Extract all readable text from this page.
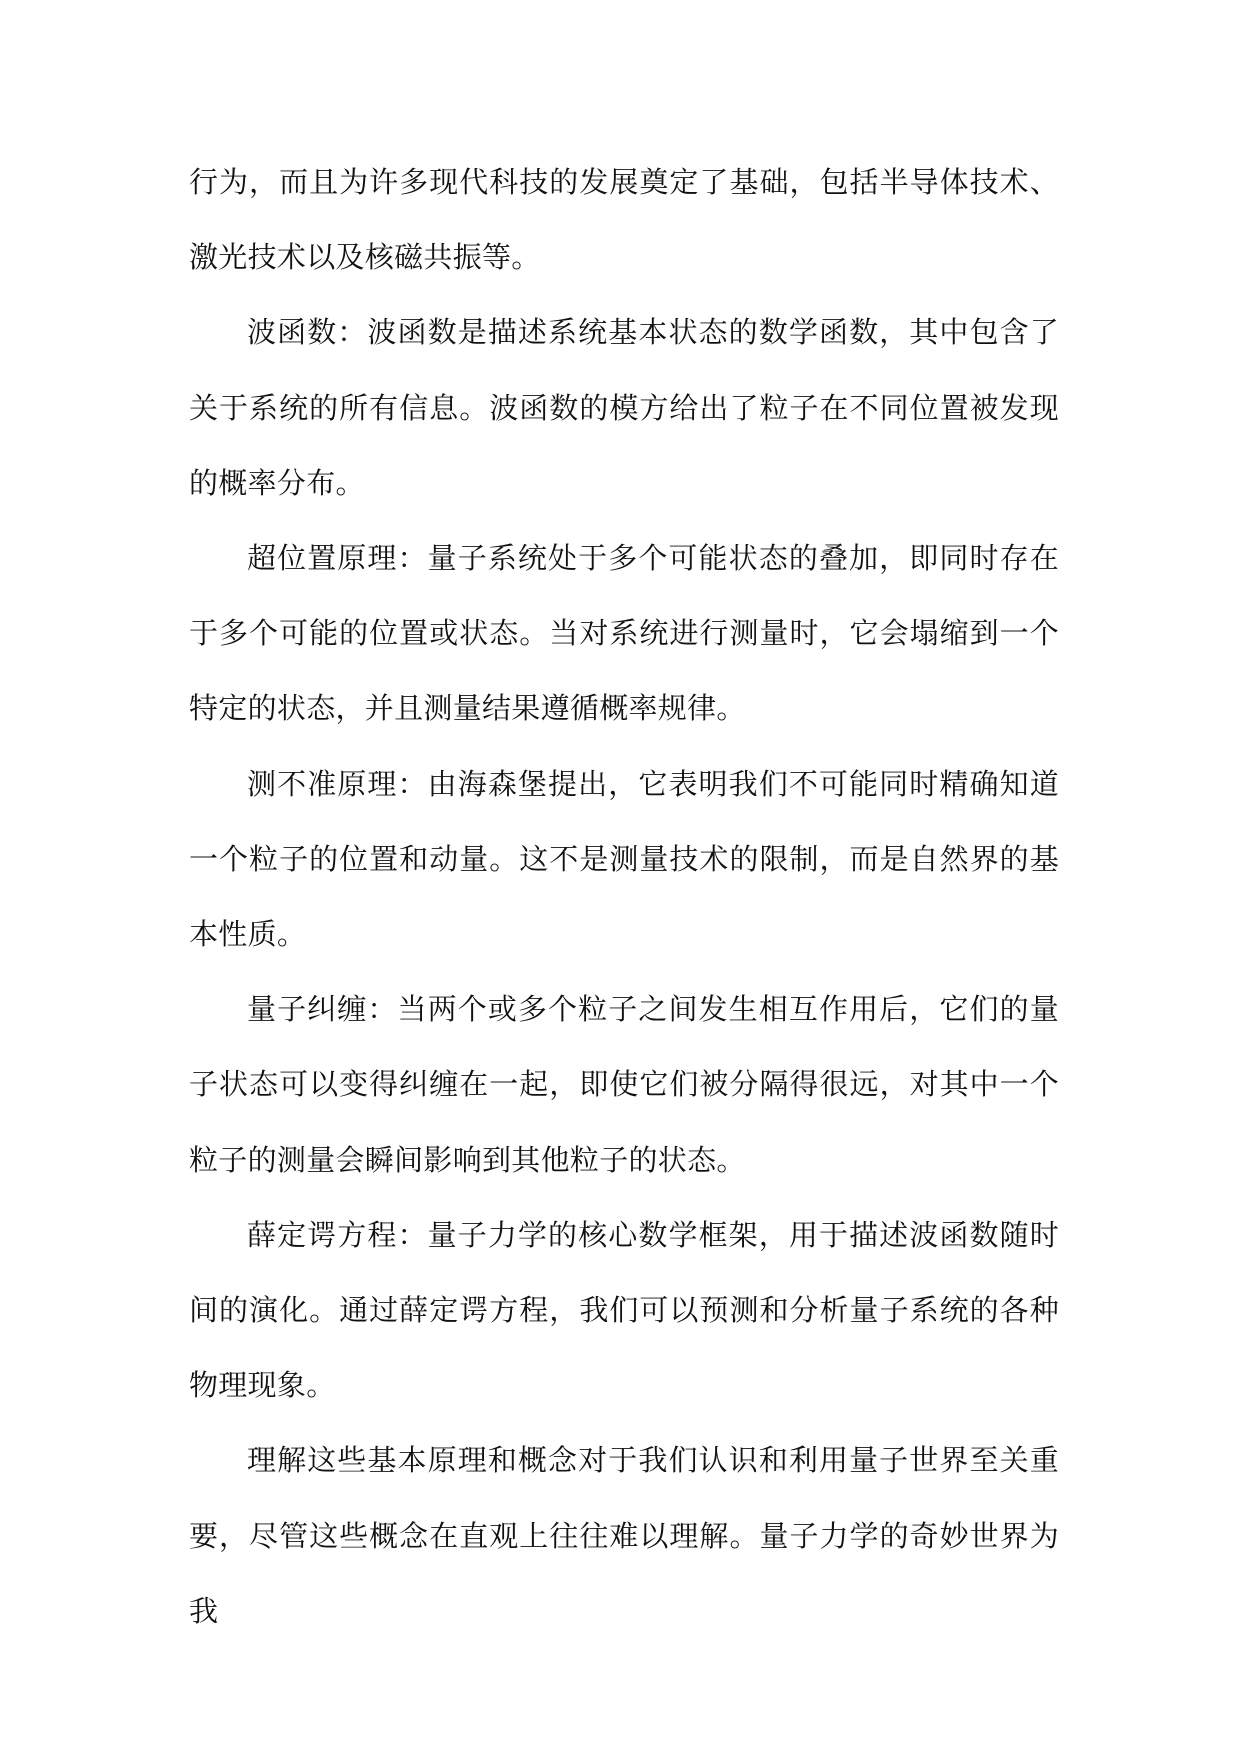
行为，而且为许多现代科技的发展奠定了基础，包括半导体技术、激光技术以及核磁共振等。

波函数：波函数是描述系统基本状态的数学函数，其中包含了关于系统的所有信息。波函数的模方给出了粒子在不同位置被发现的概率分布。

超位置原理：量子系统处于多个可能状态的叠加，即同时存在于多个可能的位置或状态。当对系统进行测量时，它会塌缩到一个特定的状态，并且测量结果遵循概率规律。

测不准原理：由海森堡提出，它表明我们不可能同时精确知道一个粒子的位置和动量。这不是测量技术的限制，而是自然界的基本性质。

量子纠缠：当两个或多个粒子之间发生相互作用后，它们的量子状态可以变得纠缠在一起，即使它们被分隔得很远，对其中一个粒子的测量会瞬间影响到其他粒子的状态。

薛定谔方程：量子力学的核心数学框架，用于描述波函数随时间的演化。通过薛定谔方程，我们可以预测和分析量子系统的各种物理现象。

理解这些基本原理和概念对于我们认识和利用量子世界至关重要，尽管这些概念在直观上往往难以理解。量子力学的奇妙世界为我
